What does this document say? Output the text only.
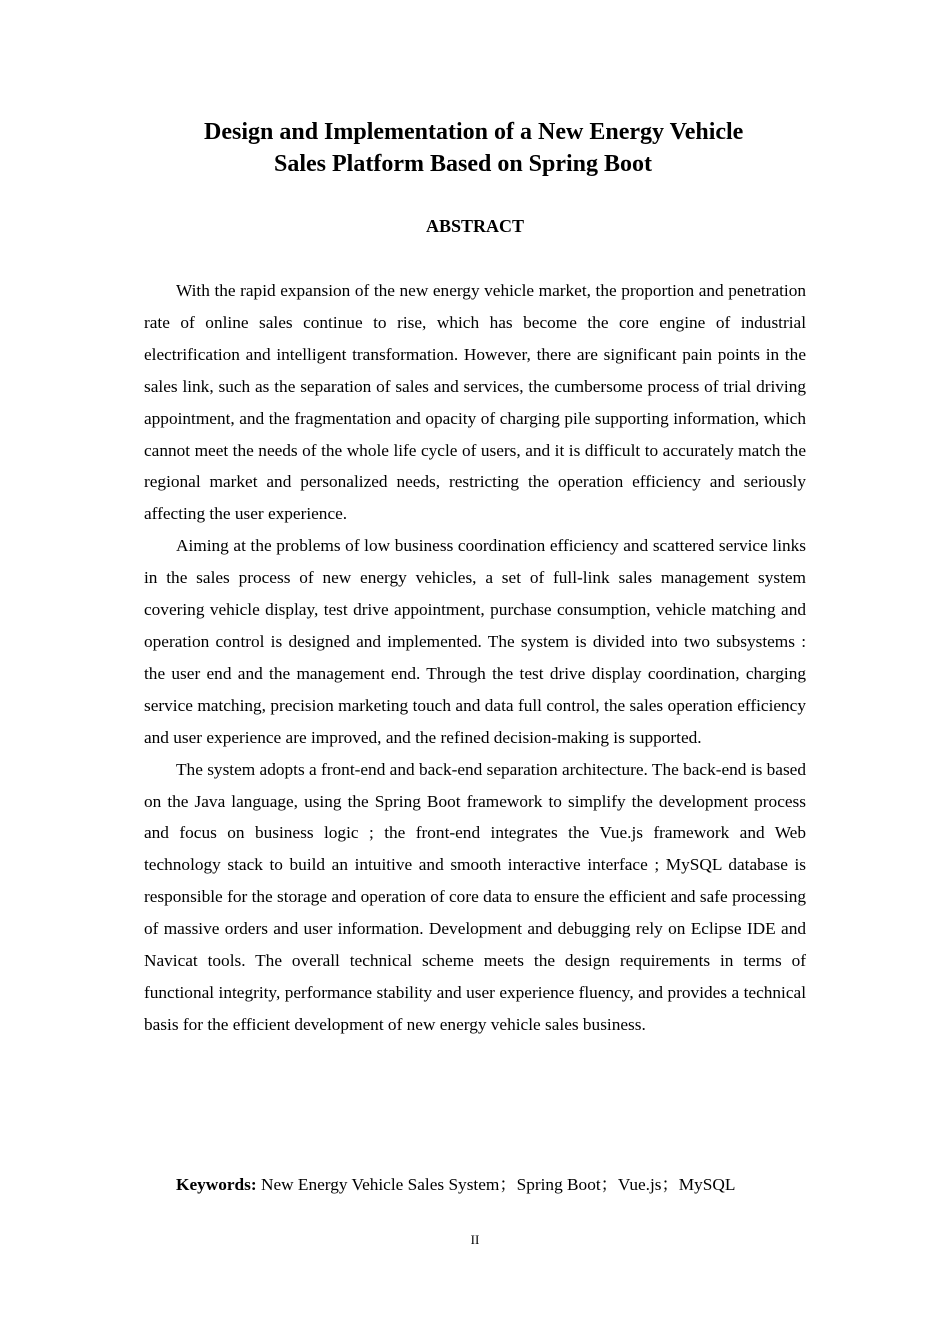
Design and Implementation of a New Energy Vehicle
Sales Platform Based on Spring Boot
ABSTRACT

With the rapid expansion of the new energy vehicle market, the proportion and penetration rate of online sales continue to rise, which has become the core engine of industrial electrification and intelligent transformation. However, there are significant pain points in the sales link, such as the separation of sales and services, the cumbersome process of trial driving appointment, and the fragmentation and opacity of charging pile supporting information, which cannot meet the needs of the whole life cycle of users, and it is difficult to accurately match the regional market and personalized needs, restricting the operation efficiency and seriously affecting the user experience.

Aiming at the problems of low business coordination efficiency and scattered service links in the sales process of new energy vehicles, a set of full-link sales management system covering vehicle display, test drive appointment, purchase consumption, vehicle matching and operation control is designed and implemented. The system is divided into two subsystems : the user end and the management end. Through the test drive display coordination, charging service matching, precision marketing touch and data full control, the sales operation efficiency and user experience are improved, and the refined decision-making is supported.

The system adopts a front-end and back-end separation architecture. The back-end is based on the Java language, using the Spring Boot framework to simplify the development process and focus on business logic ; the front-end integrates the Vue.js framework and Web technology stack to build an intuitive and smooth interactive interface ; MySQL database is responsible for the storage and operation of core data to ensure the efficient and safe processing of massive orders and user information. Development and debugging rely on Eclipse IDE and Navicat tools. The overall technical scheme meets the design requirements in terms of functional integrity, performance stability and user experience fluency, and provides a technical basis for the efficient development of new energy vehicle sales business.

Keywords: New Energy Vehicle Sales System；Spring Boot；Vue.js；MySQL
II
